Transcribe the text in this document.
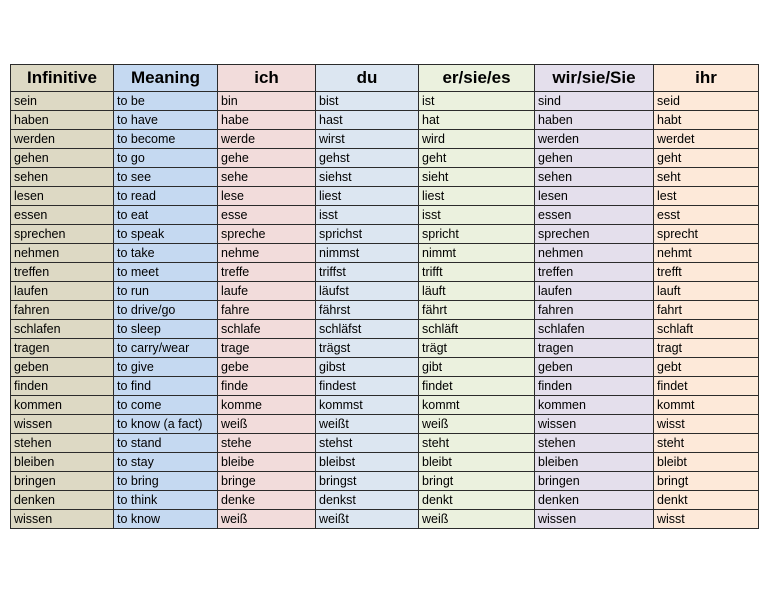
Infinitive	Meaning	ich	du	er/sie/es	wir/sie/Sie	ihr
sein	to be	bin	bist	ist	sind	seid
haben	to have	habe	hast	hat	haben	habt
werden	to become	werde	wirst	wird	werden	werdet
gehen	to go	gehe	gehst	geht	gehen	geht
sehen	to see	sehe	siehst	sieht	sehen	seht
lesen	to read	lese	liest	liest	lesen	lest
essen	to eat	esse	isst	isst	essen	esst
sprechen	to speak	spreche	sprichst	spricht	sprechen	sprecht
nehmen	to take	nehme	nimmst	nimmt	nehmen	nehmt
treffen	to meet	treffe	triffst	trifft	treffen	trefft
laufen	to run	laufe	läufst	läuft	laufen	lauft
fahren	to drive/go	fahre	fährst	fährt	fahren	fahrt
schlafen	to sleep	schlafe	schläfst	schläft	schlafen	schlaft
tragen	to carry/wear	trage	trägst	trägt	tragen	tragt
geben	to give	gebe	gibst	gibt	geben	gebt
finden	to find	finde	findest	findet	finden	findet
kommen	to come	komme	kommst	kommt	kommen	kommt
wissen	to know (a fact)	weiß	weißt	weiß	wissen	wisst
stehen	to stand	stehe	stehst	steht	stehen	steht
bleiben	to stay	bleibe	bleibst	bleibt	bleiben	bleibt
bringen	to bring	bringe	bringst	bringt	bringen	bringt
denken	to think	denke	denkst	denkt	denken	denkt
wissen	to know	weiß	weißt	weiß	wissen	wisst
